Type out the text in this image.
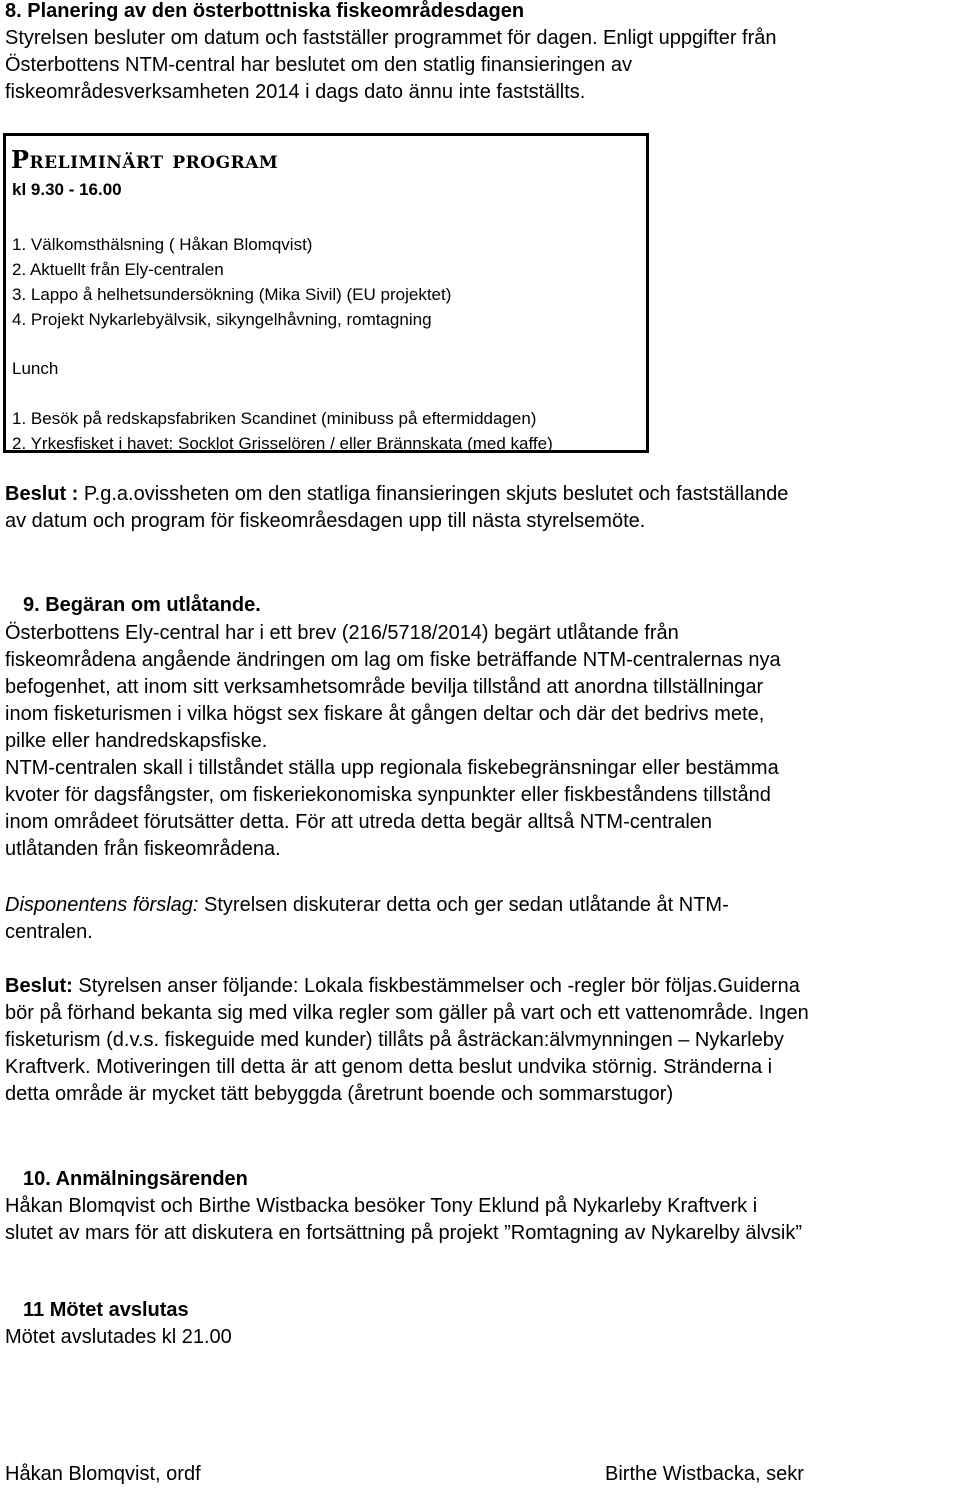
8. Planering av den österbottniska fiskeområdesdagen
Styrelsen besluter om datum och fastställer programmet för dagen. Enligt uppgifter från
Österbottens NTM-central har beslutet om den statlig finansieringen av
fiskeområdesverksamheten 2014 i dags dato ännu inte fastställts.
Preliminärt program
kl 9.30 - 16.00
1. Välkomsthälsning ( Håkan Blomqvist)
2. Aktuellt från Ely-centralen
3. Lappo å helhetsundersökning (Mika Sivil) (EU projektet)
4. Projekt Nykarlebyälvsik, sikyngelhåvning, romtagning
Lunch
1. Besök på redskapsfabriken Scandinet (minibuss på eftermiddagen)
2. Yrkesfisket i havet: Socklot Grisselören / eller Brännskata (med kaffe)
Beslut : P.g.a.ovissheten om den statliga finansieringen skjuts beslutet och fastställande
av datum och program för fiskeområesdagen upp till nästa styrelsemöte.
9. Begäran om utlåtande.
Österbottens Ely-central har i ett brev (216/5718/2014) begärt utlåtande från
fiskeområdena angående ändringen om lag om fiske beträffande NTM-centralernas nya
befogenhet, att inom sitt verksamhetsområde bevilja tillstånd att anordna tillställningar
inom fisketurismen i vilka högst sex fiskare åt gången deltar och där det bedrivs mete,
pilke eller handredskapsfiske.
NTM-centralen skall i tillståndet ställa upp regionala fiskebegränsningar eller bestämma
kvoter för dagsfångster, om fiskeriekonomiska synpunkter eller fiskbeståndens tillstånd
inom områdeet förutsätter detta. För att utreda detta begär alltså NTM-centralen
utlåtanden från fiskeområdena.
Disponentens förslag: Styrelsen diskuterar detta och ger sedan utlåtande åt NTM-
centralen.
Beslut: Styrelsen anser följande: Lokala fiskbestämmelser och -regler bör följas.Guiderna
bör på förhand bekanta sig med vilka regler som gäller på vart och ett vattenområde. Ingen
fisketurism (d.v.s. fiskeguide med kunder) tillåts på åsträckan:älvmynningen – Nykarleby
Kraftverk. Motiveringen till detta är att genom detta beslut undvika störnig. Stränderna i
detta område är mycket tätt bebyggda (åretrunt boende och sommarstugor)
10. Anmälningsärenden
Håkan Blomqvist och Birthe Wistbacka besöker Tony Eklund på Nykarleby Kraftverk i
slutet av mars för att diskutera en fortsättning på projekt ”Romtagning av Nykarelby älvsik”
11 Mötet avslutas
Mötet avslutades kl 21.00
Håkan Blomqvist, ordf	Birthe Wistbacka, sekr
